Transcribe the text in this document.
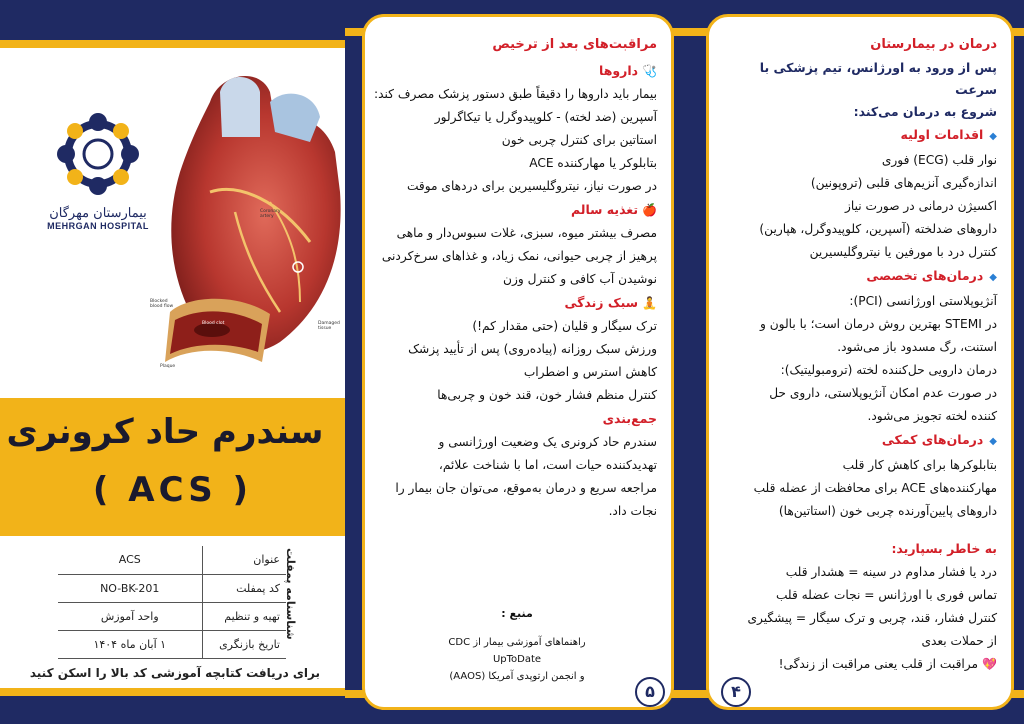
بیمارستان مهرگان
MEHRGAN HOSPITAL
Coronary
artery
Blocked
blood flow
Blood clot	Damaged
tissue
Plaque
سندرم حاد کرونری
( ACS )
عنوان	ACS
کد پمفلت	NO-BK-201
تهیه و تنظیم	واحد آموزش
تاریخ بازنگری	۱ آبان ماه ۱۴۰۴
شناسنامه پمفلت
برای دریافت کتابچه آموزشی کد بالا را اسکن کنید
مراقبت‌های بعد از ترخیص
🩺داروها
بیمار باید داروها را دقیقاً طبق دستور پزشک مصرف کند:
آسپرین (ضد لخته) - کلوپیدوگرل یا تیکاگرلور
استاتین برای کنترل چربی خون
بتابلوکر یا مهارکننده ACE
در صورت نیاز، نیتروگلیسیرین برای دردهای موقت
🍎تغذیه سالم
مصرف بیشتر میوه، سبزی، غلات سبوس‌دار و ماهی
پرهیز از چربی حیوانی، نمک زیاد، و غذاهای سرخ‌کردنی
نوشیدن آب کافی و کنترل وزن
🧘سبک زندگی
ترک سیگار و قلیان (حتی مقدار کم!)
ورزش سبک روزانه (پیاده‌روی) پس از تأیید پزشک
کاهش استرس و اضطراب
کنترل منظم فشار خون، قند خون و چربی‌ها
جمع‌بندی
سندرم حاد کرونری یک وضعیت اورژانسی و
تهدیدکننده حیات است، اما با شناخت علائم،
مراجعه سریع و درمان به‌موقع، می‌توان جان بیمار را
نجات داد.
منبع :
راهنماهای آموزشی بیمار از CDC
UpToDate
و انجمن ارتوپدی آمریکا (AAOS)
۵
درمان در بیمارستان
پس از ورود به اورژانس، تیم پزشکی با سرعت
شروع به درمان می‌کند:
◆اقدامات اولیه
نوار قلب (ECG) فوری
اندازه‌گیری آنزیم‌های قلبی (تروپونین)
اکسیژن درمانی در صورت نیاز
داروهای ضدلخته (آسپرین، کلوپیدوگرل، هپارین)
کنترل درد با مورفین یا نیتروگلیسیرین
◆درمان‌های تخصصی
آنژیوپلاستی اورژانسی (PCI):
در STEMI بهترین روش درمان است؛ با بالون و
استنت، رگ مسدود باز می‌شود.
درمان دارویی حل‌کننده لخته (ترومبولیتیک):
در صورت عدم امکان آنژیوپلاستی، داروی حل
کننده لخته تجویز می‌شود.
◆درمان‌های کمکی
بتابلوکرها برای کاهش کار قلب
مهارکننده‌های ACE برای محافظت از عضله قلب
داروهای پایین‌آورنده چربی خون (استاتین‌ها)
به خاطر بسپارید:
درد یا فشار مداوم در سینه = هشدار قلب
تماس فوری با اورژانس = نجات عضله قلب
کنترل فشار، قند، چربی و ترک سیگار = پیشگیری
از حملات بعدی
💖مراقبت از قلب یعنی مراقبت از زندگی!
۴
